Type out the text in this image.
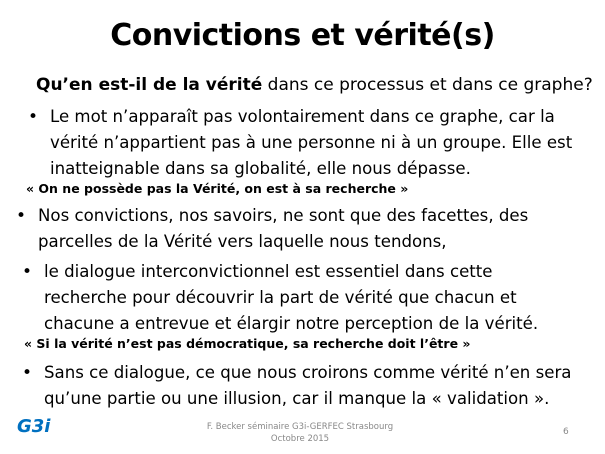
Convictions et vérité(s)
Qu’en est-il de la vérité dans ce processus et dans ce graphe?
• Le mot n’apparaît pas volontairement dans ce graphe, car la
vérité n’appartient pas à une personne ni à un groupe. Elle est
inatteignable dans sa globalité, elle nous dépasse.
« On ne possède pas la Vérité, on est à sa recherche »
• Nos convictions, nos savoirs, ne sont que des facettes, des
parcelles de la Vérité vers laquelle nous tendons,
• le dialogue interconvictionnel est essentiel dans cette
recherche pour découvrir la part de vérité que chacun et
chacune a entrevue et élargir notre perception de la vérité.
« Si la vérité n’est pas démocratique, sa recherche doit l’être »
• Sans ce dialogue, ce que nous croirons comme vérité n’en sera
qu’une partie ou une illusion, car il manque la « validation ».
G3i	F. Becker séminaire G3i-GERFEC Strasbourg
Octobre 2015
6
